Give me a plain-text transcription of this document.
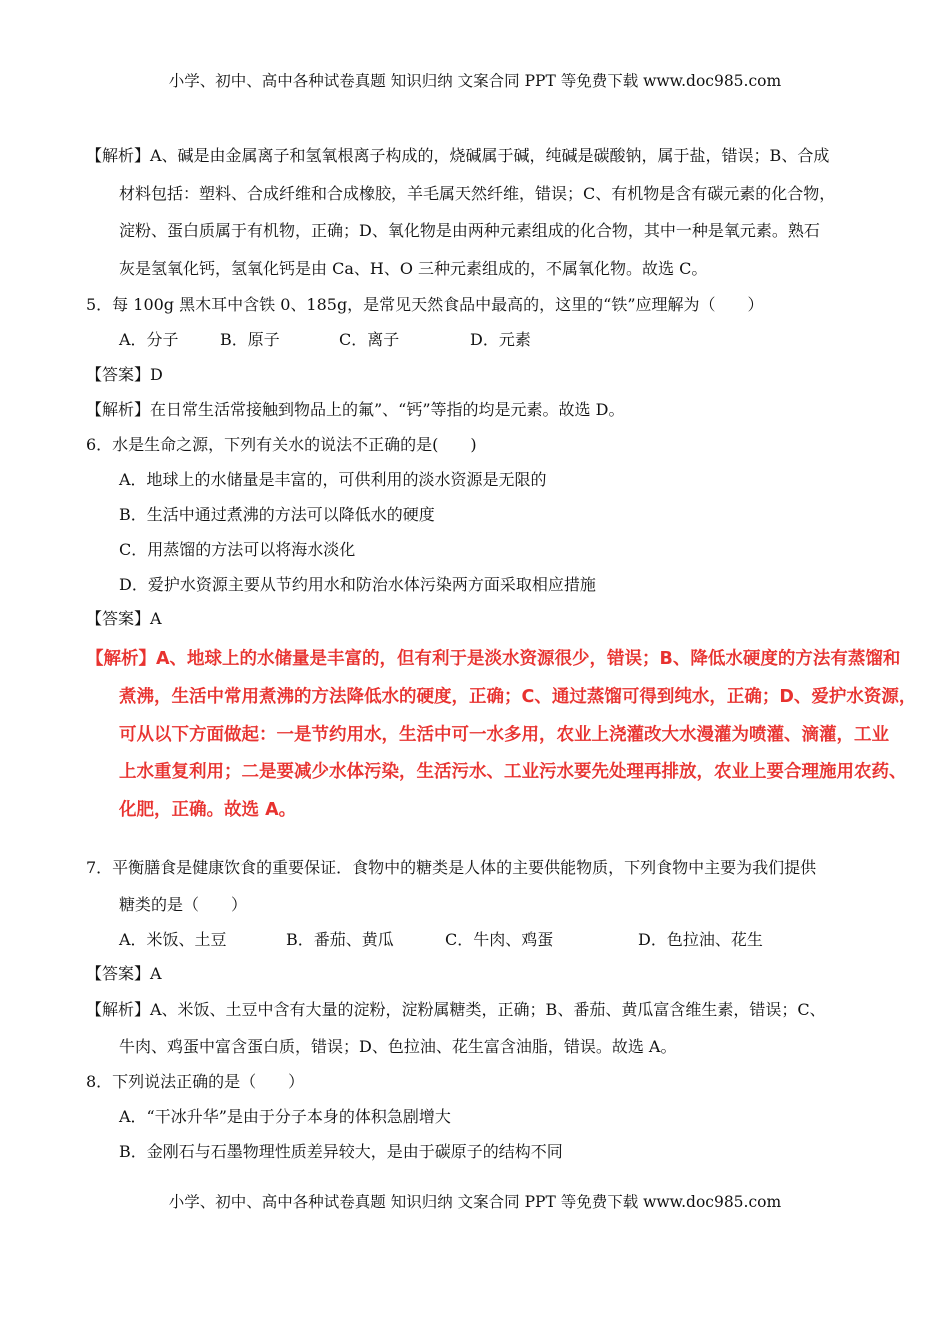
小学、初中、高中各种试卷真题 知识归纳 文案合同 PPT 等免费下载 www.doc985.com
【解析】A、碱是由金属离子和氢氧根离子构成的，烧碱属于碱，纯碱是碳酸钠，属于盐，错误；B、合成
材料包括：塑料、合成纤维和合成橡胶，羊毛属天然纤维，错误；C、有机物是含有碳元素的化合物，
淀粉、蛋白质属于有机物，正确；D、氧化物是由两种元素组成的化合物，其中一种是氧元素。熟石
灰是氢氧化钙，氢氧化钙是由 Ca、H、O 三种元素组成的，不属氧化物。故选 C。
5．每 100g 黑木耳中含铁 0、185g，是常见天然食品中最高的，这里的“铁”应理解为（　　）
A．分子	B．原子	C．离子	D．元素
【答案】D
【解析】在日常生活常接触到物品上的氟”、“钙”等指的均是元素。故选 D。
6．水是生命之源，下列有关水的说法不正确的是(　　)
A．地球上的水储量是丰富的，可供利用的淡水资源是无限的
B．生活中通过煮沸的方法可以降低水的硬度
C．用蒸馏的方法可以将海水淡化
D．爱护水资源主要从节约用水和防治水体污染两方面采取相应措施
【答案】A
【解析】A、地球上的水储量是丰富的，但有利于是淡水资源很少，错误；B、降低水硬度的方法有蒸馏和
煮沸，生活中常用煮沸的方法降低水的硬度，正确；C、通过蒸馏可得到纯水，正确；D、爱护水资源，
可从以下方面做起：一是节约用水，生活中可一水多用，农业上浇灌改大水漫灌为喷灌、滴灌，工业
上水重复利用；二是要减少水体污染，生活污水、工业污水要先处理再排放，农业上要合理施用农药、
化肥，正确。故选 A。
7．平衡膳食是健康饮食的重要保证．食物中的糖类是人体的主要供能物质，下列食物中主要为我们提供
糖类的是（　　）
A．米饭、土豆	B．番茄、黄瓜	C．牛肉、鸡蛋	D．色拉油、花生
【答案】A
【解析】A、米饭、土豆中含有大量的淀粉，淀粉属糖类，正确；B、番茄、黄瓜富含维生素，错误；C、
牛肉、鸡蛋中富含蛋白质，错误；D、色拉油、花生富含油脂，错误。故选 A。
8．下列说法正确的是（　　）
A．“干冰升华”是由于分子本身的体积急剧增大
B．金刚石与石墨物理性质差异较大，是由于碳原子的结构不同
小学、初中、高中各种试卷真题 知识归纳 文案合同 PPT 等免费下载 www.doc985.com
